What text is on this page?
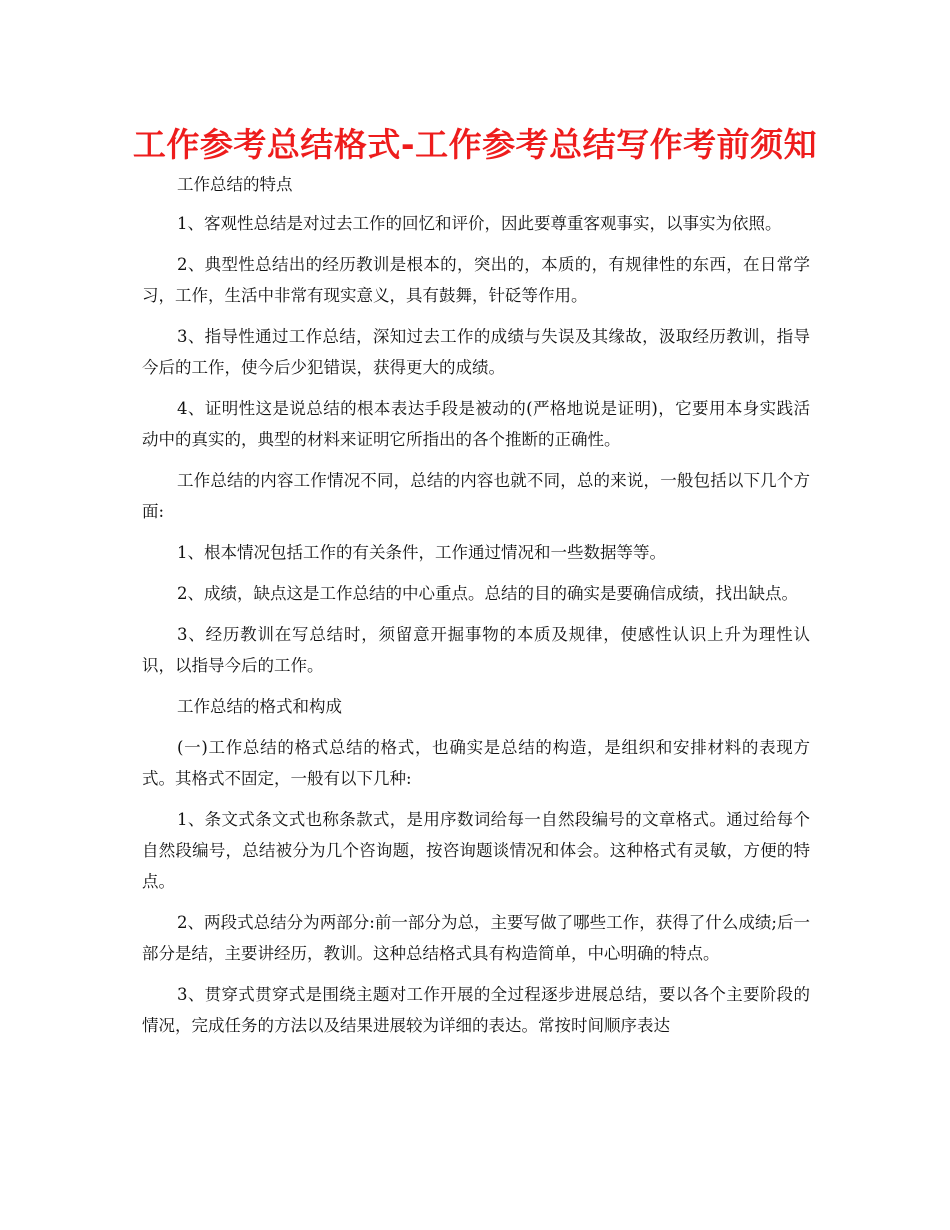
工作参考总结格式-工作参考总结写作考前须知

工作总结的特点

1、客观性总结是对过去工作的回忆和评价，因此要尊重客观事实，以事实为依照。

2、典型性总结出的经历教训是根本的，突出的，本质的，有规律性的东西，在日常学习，工作，生活中非常有现实意义，具有鼓舞，针砭等作用。

3、指导性通过工作总结，深知过去工作的成绩与失误及其缘故，汲取经历教训，指导今后的工作，使今后少犯错误，获得更大的成绩。

4、证明性这是说总结的根本表达手段是被动的(严格地说是证明)，它要用本身实践活动中的真实的，典型的材料来证明它所指出的各个推断的正确性。

工作总结的内容工作情况不同，总结的内容也就不同，总的来说，一般包括以下几个方面:

1、根本情况包括工作的有关条件，工作通过情况和一些数据等等。

2、成绩，缺点这是工作总结的中心重点。总结的目的确实是要确信成绩，找出缺点。

3、经历教训在写总结时，须留意开掘事物的本质及规律，使感性认识上升为理性认识，以指导今后的工作。

工作总结的格式和构成

(一)工作总结的格式总结的格式，也确实是总结的构造，是组织和安排材料的表现方式。其格式不固定，一般有以下几种:

1、条文式条文式也称条款式，是用序数词给每一自然段编号的文章格式。通过给每个自然段编号，总结被分为几个咨询题，按咨询题谈情况和体会。这种格式有灵敏，方便的特点。

2、两段式总结分为两部分:前一部分为总，主要写做了哪些工作，获得了什么成绩;后一部分是结，主要讲经历，教训。这种总结格式具有构造简单，中心明确的特点。

3、贯穿式贯穿式是围绕主题对工作开展的全过程逐步进展总结，要以各个主要阶段的情况，完成任务的方法以及结果进展较为详细的表达。常按时间顺序表达
